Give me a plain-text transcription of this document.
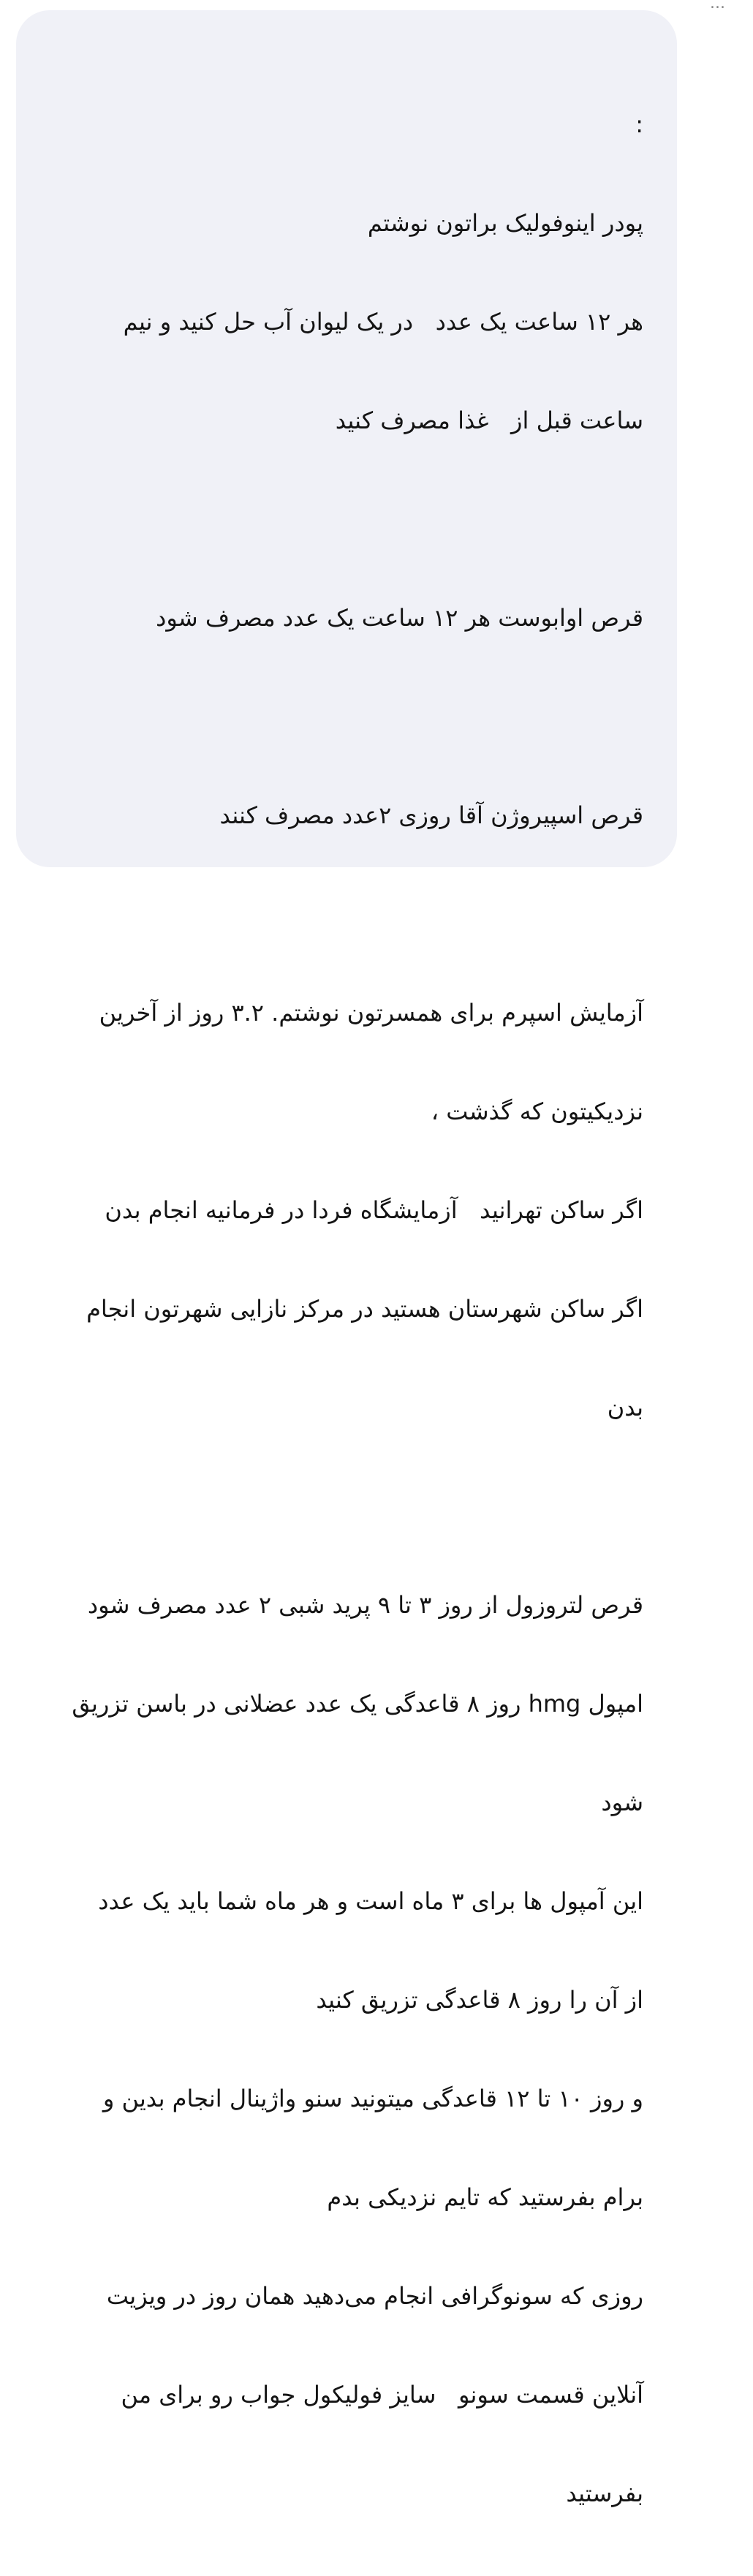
...

:

پودر اینوفولیک براتون نوشتم

هر ۱۲ ساعت یک عدد   در یک لیوان آب حل کنید و نیم

ساعت قبل از   غذا مصرف کنید

قرص اوابوست هر ۱۲ ساعت یک عدد مصرف شود

قرص اسپیروژن آقا روزی ۲عدد مصرف کنند

آزمایش اسپرم برای همسرتون نوشتم. ۳.۲ روز از آخرین

نزدیکیتون که گذشت ،

اگر ساکن تهرانید   آزمایشگاه فردا در فرمانیه انجام بدن

اگر ساکن شهرستان هستید در مرکز نازایی شهرتون انجام

بدن

قرص لتروزول از روز ۳ تا ۹ پرید شبی ۲ عدد مصرف شود

امپول hmg روز ۸ قاعدگی یک عدد عضلانی در باسن تزریق

شود

این آمپول ها برای ۳ ماه است و هر ماه شما باید یک عدد

از آن را روز ۸ قاعدگی تزریق کنید

و روز ۱۰ تا ۱۲ قاعدگی میتونید سنو واژینال انجام بدین و

برام بفرستید که تایم نزدیکی بدم

روزی که سونوگرافی انجام می‌دهید همان روز در ویزیت

آنلاین قسمت سونو   سایز فولیکول جواب رو برای من

بفرستید
